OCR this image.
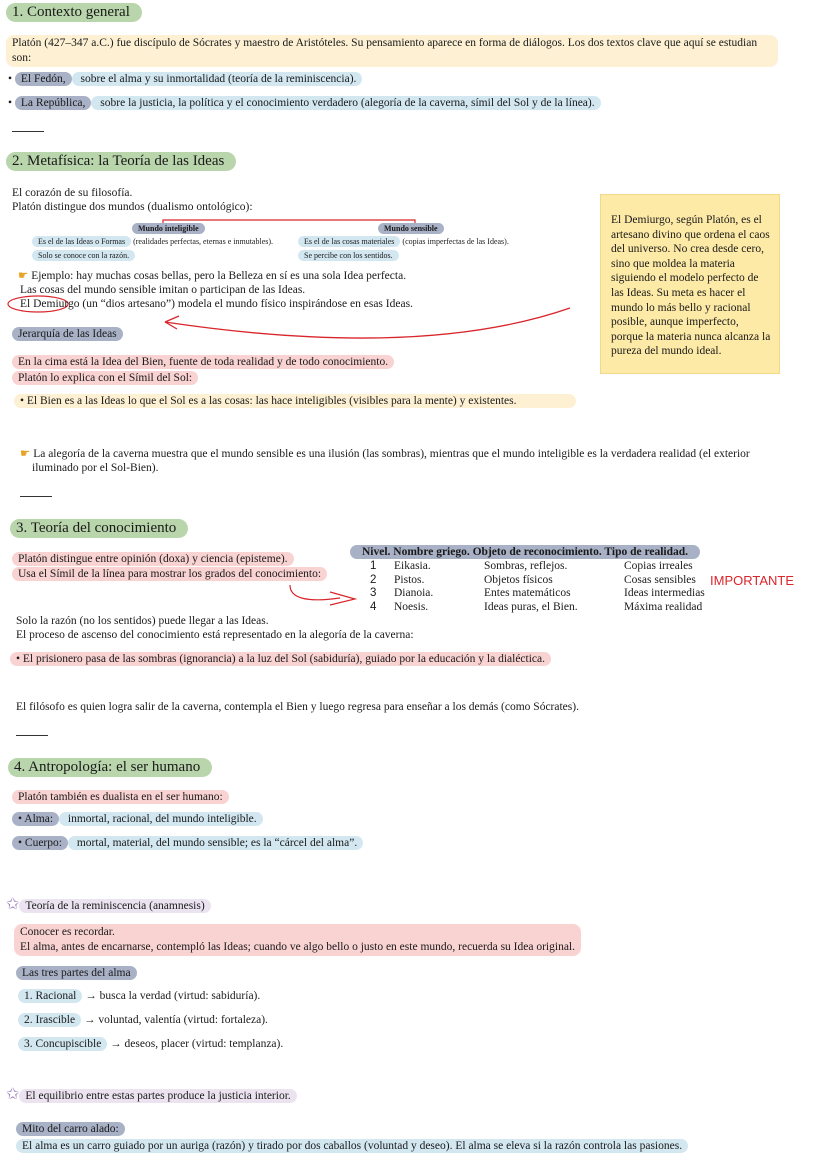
1. Contexto general
Platón (427–347 a.C.) fue discípulo de Sócrates y maestro de Aristóteles. Su pensamiento aparece en forma de diálogos. Los dos textos clave que aquí se estudian son:
• El Fedón, sobre el alma y su inmortalidad (teoría de la reminiscencia).
• La República, sobre la justicia, la política y el conocimiento verdadero (alegoría de la caverna, símil del Sol y de la línea).
2. Metafísica: la Teoría de las Ideas
El corazón de su filosofía.
Platón distingue dos mundos (dualismo ontológico):
Mundo inteligible	Mundo sensible
Es el de las Ideas o Formas (realidades perfectas, eternas e inmutables).	Es el de las cosas materiales (copias imperfectas de las Ideas).
Solo se conoce con la razón.	Se percibe con los sentidos.
☛ Ejemplo: hay muchas cosas bellas, pero la Belleza en sí es una sola Idea perfecta.
Las cosas del mundo sensible imitan o participan de las Ideas.
El Demiurgo (un “dios artesano”) modela el mundo físico inspirándose en esas Ideas.
Jerarquía de las Ideas
En la cima está la Idea del Bien, fuente de toda realidad y de todo conocimiento.
Platón lo explica con el Símil del Sol:
• El Bien es a las Ideas lo que el Sol es a las cosas: las hace inteligibles (visibles para la mente) y existentes.
☛ La alegoría de la caverna muestra que el mundo sensible es una ilusión (las sombras), mientras que el mundo inteligible es la verdadera realidad (el exterior
iluminado por el Sol-Bien).
El Demiurgo, según Platón, es el artesano divino que ordena el caos del universo. No crea desde cero, sino que moldea la materia siguiendo el modelo perfecto de las Ideas. Su meta es hacer el mundo lo más bello y racional posible, aunque imperfecto, porque la materia nunca alcanza la pureza del mundo ideal.
3. Teoría del conocimiento
Platón distingue entre opinión (doxa) y ciencia (episteme).
Usa el Símil de la línea para mostrar los grados del conocimiento:
Nivel. Nombre griego. Objeto de reconocimiento. Tipo de realidad.
1	Eikasia.	Sombras, reflejos.	Copias irreales
2	Pistos.	Objetos físicos	Cosas sensibles
3	Dianoia.	Entes matemáticos	Ideas intermedias
4	Noesis.	Ideas puras, el Bien.	Máxima realidad
IMPORTANTE
Solo la razón (no los sentidos) puede llegar a las Ideas.
El proceso de ascenso del conocimiento está representado en la alegoría de la caverna:
• El prisionero pasa de las sombras (ignorancia) a la luz del Sol (sabiduría), guiado por la educación y la dialéctica.
El filósofo es quien logra salir de la caverna, contempla el Bien y luego regresa para enseñar a los demás (como Sócrates).
4. Antropología: el ser humano
Platón también es dualista en el ser humano:
• Alma: inmortal, racional, del mundo inteligible.
• Cuerpo: mortal, material, del mundo sensible; es la “cárcel del alma”.
✩ Teoría de la reminiscencia (anamnesis)
Conocer es recordar.
El alma, antes de encarnarse, contempló las Ideas; cuando ve algo bello o justo en este mundo, recuerda su Idea original.
Las tres partes del alma
1. Racional → busca la verdad (virtud: sabiduría).
2. Irascible → voluntad, valentía (virtud: fortaleza).
3. Concupiscible → deseos, placer (virtud: templanza).
✩ El equilibrio entre estas partes produce la justicia interior.
Mito del carro alado:
El alma es un carro guiado por un auriga (razón) y tirado por dos caballos (voluntad y deseo). El alma se eleva si la razón controla las pasiones.
